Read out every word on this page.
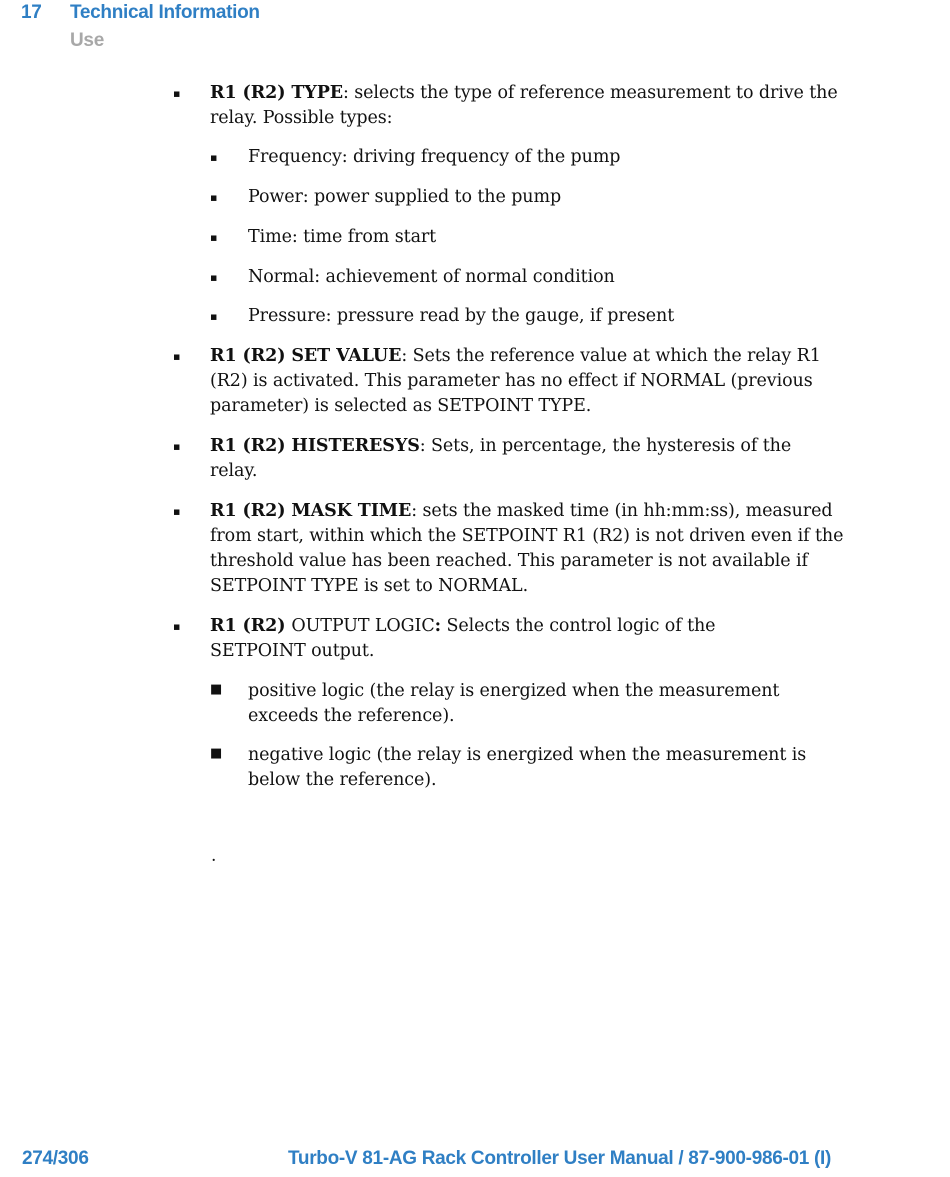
17 Technical Information
Use
▪ R1 (R2) TYPE: selects the type of reference measurement to drive the relay. Possible types:
▪ Frequency: driving frequency of the pump
▪ Power: power supplied to the pump
▪ Time: time from start
▪ Normal: achievement of normal condition
▪ Pressure: pressure read by the gauge, if present
▪ R1 (R2) SET VALUE: Sets the reference value at which the relay R1 (R2) is activated. This parameter has no effect if NORMAL (previous parameter) is selected as SETPOINT TYPE.
▪ R1 (R2) HISTERESYS: Sets, in percentage, the hysteresis of the relay.
▪ R1 (R2) MASK TIME: sets the masked time (in hh:mm:ss), measured from start, within which the SETPOINT R1 (R2) is not driven even if the threshold value has been reached. This parameter is not available if SETPOINT TYPE is set to NORMAL.
▪ R1 (R2) OUTPUT LOGIC: Selects the control logic of the SETPOINT output.
■ positive logic (the relay is energized when the measurement exceeds the reference).
■ negative logic (the relay is energized when the measurement is below the reference).
.
274/306	Turbo-V 81-AG Rack Controller User Manual / 87-900-986-01 (I)
